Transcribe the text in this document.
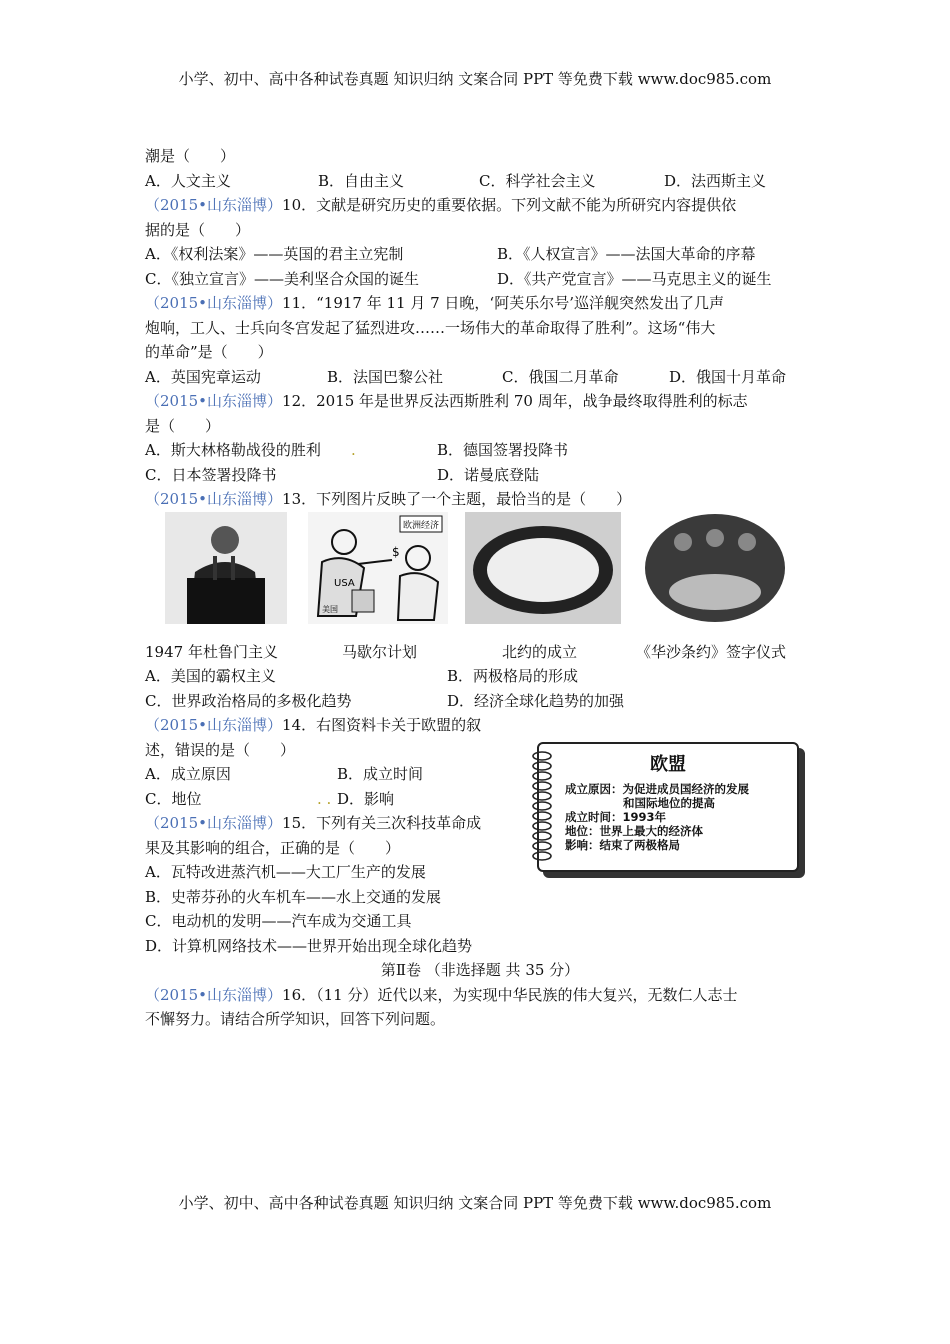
小学、初中、高中各种试卷真题 知识归纳 文案合同 PPT 等免费下载 www.doc985.com
潮是（　　）
A．人文主义	B．自由主义	C．科学社会主义	D．法西斯主义
（2015•山东淄博）10．文献是研究历史的重要依据。下列文献不能为所研究内容提供依
据的是（　　）
A．《权利法案》——英国的君主立宪制	B．《人权宣言》——法国大革命的序幕
C．《独立宣言》——美利坚合众国的诞生	D．《共产党宣言》——马克思主义的诞生
（2015•山东淄博）11．“1917 年 11 月 7 日晚，‘阿芙乐尔号’巡洋舰突然发出了几声
炮响，工人、士兵向冬宫发起了猛烈进攻……一场伟大的革命取得了胜利”。这场“伟大
的革命”是（　　）
A．英国宪章运动	B．法国巴黎公社	C．俄国二月革命	D．俄国十月革命
（2015•山东淄博）12．2015 年是世界反法西斯胜利 70 周年，战争最终取得胜利的标志
是（　　）
A．斯大林格勒战役的胜利 .	B．德国签署投降书
C．日本签署投降书	D．诺曼底登陆
（2015•山东淄博）13．下列图片反映了一个主题，最恰当的是（　　）
欧洲经济
USA
$
美国
1947 年杜鲁门主义	马歇尔计划	北约的成立	《华沙条约》签字仪式
A．美国的霸权主义	B．两极格局的形成
C．世界政治格局的多极化趋势	D．经济全球化趋势的加强
（2015•山东淄博）14．右图资料卡关于欧盟的叙
述，错误的是（　　）
A．成立原因	B．成立时间
C．地位	. . D．影响
（2015•山东淄博）15．下列有关三次科技革命成
果及其影响的组合，正确的是（　　）
A．瓦特改进蒸汽机——大工厂生产的发展
B．史蒂芬孙的火车机车——水上交通的发展
C．电动机的发明——汽车成为交通工具
D．计算机网络技术——世界开始出现全球化趋势
第Ⅱ卷 （非选择题 共 35 分）
（2015•山东淄博）16．（11 分）近代以来，为实现中华民族的伟大复兴，无数仁人志士
不懈努力。请结合所学知识，回答下列问题。
欧盟
成立原因：为促进成员国经济的发展
和国际地位的提高
成立时间：1993年
地位：世界上最大的经济体
影响：结束了两极格局
小学、初中、高中各种试卷真题 知识归纳 文案合同 PPT 等免费下载 www.doc985.com
